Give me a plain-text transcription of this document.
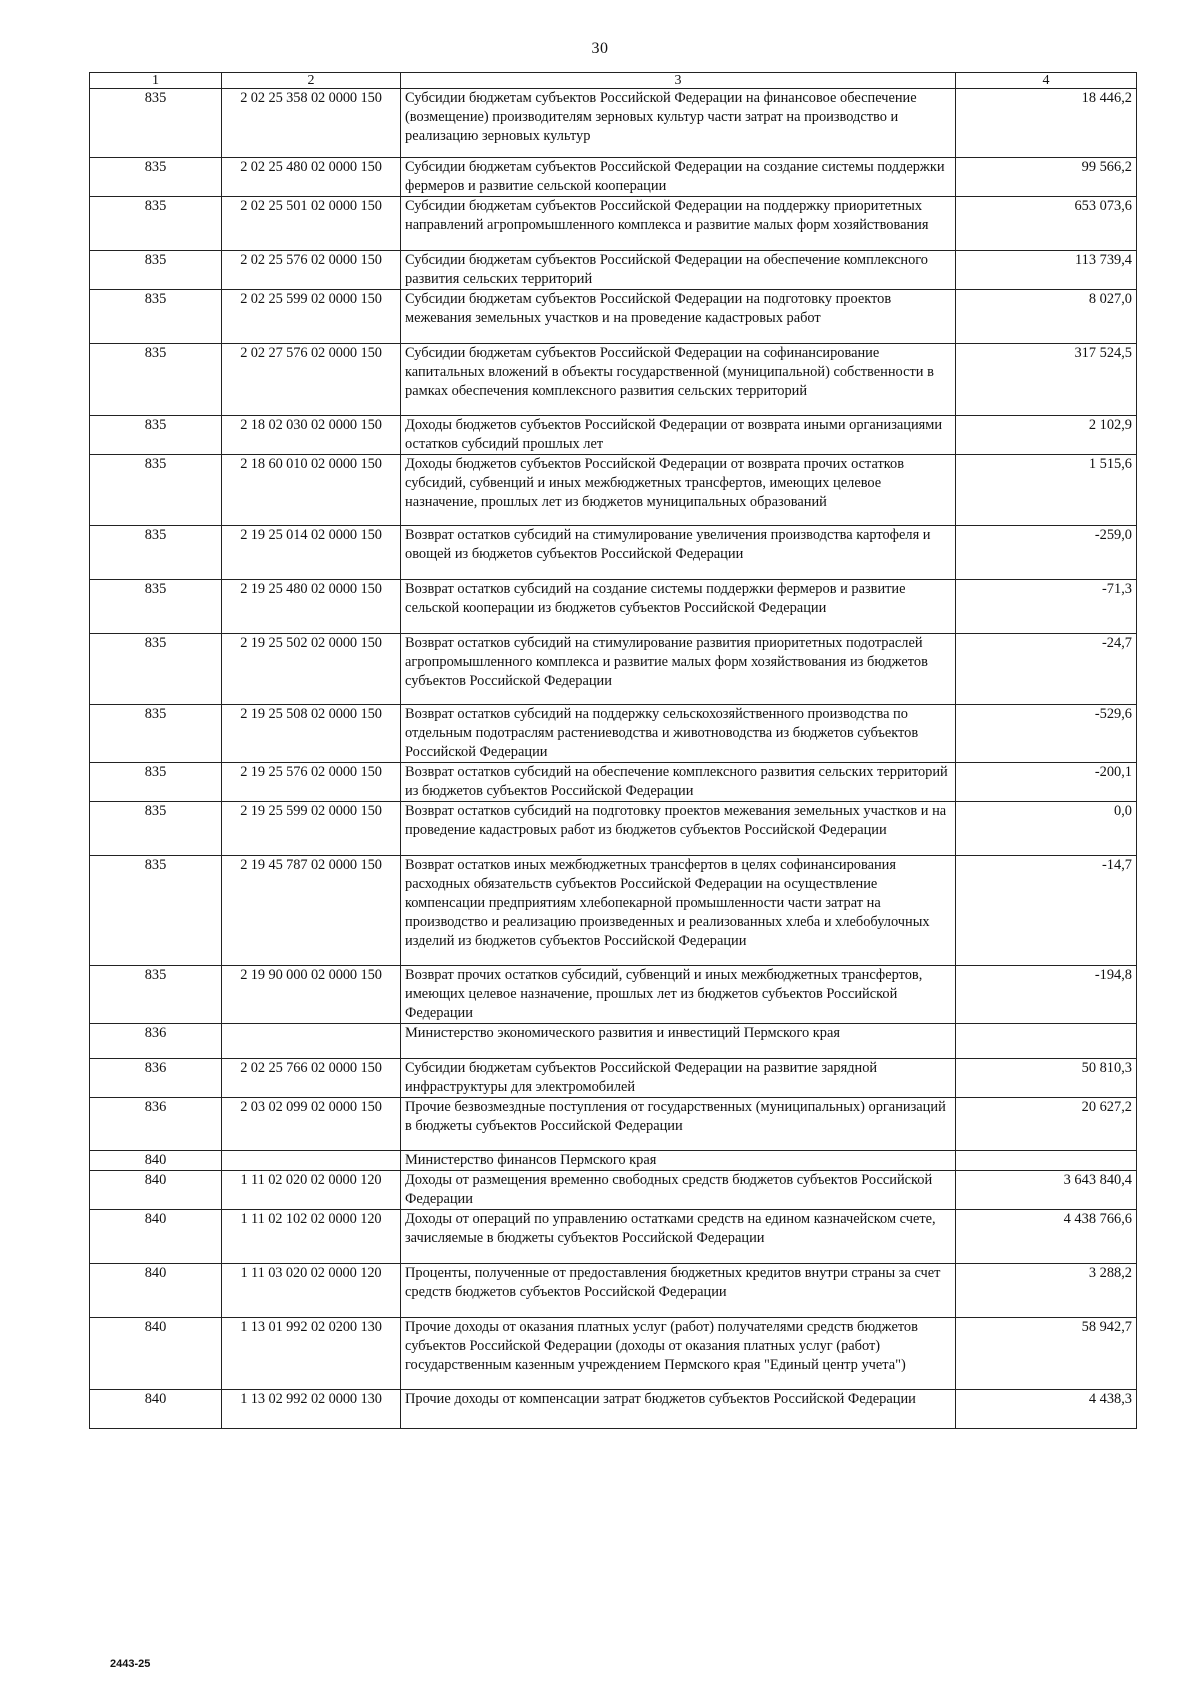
30
1	2	3	4
835	2 02 25 358 02 0000 150	Субсидии бюджетам субъектов Российской Федерации на финансовое обеспечение (возмещение) производителям зерновых культур части затрат на производство и реализацию зерновых культур	18 446,2
835	2 02 25 480 02 0000 150	Субсидии бюджетам субъектов Российской Федерации на создание системы поддержки фермеров и развитие сельской кооперации	99 566,2
835	2 02 25 501 02 0000 150	Субсидии бюджетам субъектов Российской Федерации на поддержку приоритетных направлений агропромышленного комплекса и развитие малых форм хозяйствования	653 073,6
835	2 02 25 576 02 0000 150	Субсидии бюджетам субъектов Российской Федерации на обеспечение комплексного развития сельских территорий	113 739,4
835	2 02 25 599 02 0000 150	Субсидии бюджетам субъектов Российской Федерации на подготовку проектов межевания земельных участков и на проведение кадастровых работ	8 027,0
835	2 02 27 576 02 0000 150	Субсидии бюджетам субъектов Российской Федерации на софинансирование капитальных вложений в объекты государственной (муниципальной) собственности в рамках обеспечения комплексного развития сельских территорий	317 524,5
835	2 18 02 030 02 0000 150	Доходы бюджетов субъектов Российской Федерации от возврата иными организациями остатков субсидий прошлых лет	2 102,9
835	2 18 60 010 02 0000 150	Доходы бюджетов субъектов Российской Федерации от возврата прочих остатков субсидий, субвенций и иных межбюджетных трансфертов, имеющих целевое назначение, прошлых лет из бюджетов муниципальных образований	1 515,6
835	2 19 25 014 02 0000 150	Возврат остатков субсидий на стимулирование увеличения производства картофеля и овощей из бюджетов субъектов Российской Федерации	-259,0
835	2 19 25 480 02 0000 150	Возврат остатков субсидий на создание системы поддержки фермеров и развитие сельской кооперации из бюджетов субъектов Российской Федерации	-71,3
835	2 19 25 502 02 0000 150	Возврат остатков субсидий на стимулирование развития приоритетных подотраслей агропромышленного комплекса и развитие малых форм хозяйствования из бюджетов субъектов Российской Федерации	-24,7
835	2 19 25 508 02 0000 150	Возврат остатков субсидий на поддержку сельскохозяйственного производства по отдельным подотраслям растениеводства и животноводства из бюджетов субъектов Российской Федерации	-529,6
835	2 19 25 576 02 0000 150	Возврат остатков субсидий на обеспечение комплексного развития сельских территорий из бюджетов субъектов Российской Федерации	-200,1
835	2 19 25 599 02 0000 150	Возврат остатков субсидий на подготовку проектов межевания земельных участков и на проведение кадастровых работ из бюджетов субъектов Российской Федерации	0,0
835	2 19 45 787 02 0000 150	Возврат остатков иных межбюджетных трансфертов в целях софинансирования расходных обязательств субъектов Российской Федерации на осуществление компенсации предприятиям хлебопекарной промышленности части затрат на производство и реализацию произведенных и реализованных хлеба и хлебобулочных изделий из бюджетов субъектов Российской Федерации	-14,7
835	2 19 90 000 02 0000 150	Возврат прочих остатков субсидий, субвенций и иных межбюджетных трансфертов, имеющих целевое назначение, прошлых лет из бюджетов субъектов Российской Федерации	-194,8
836		Министерство экономического развития и инвестиций Пермского края	
836	2 02 25 766 02 0000 150	Субсидии бюджетам субъектов Российской Федерации на развитие зарядной инфраструктуры для электромобилей	50 810,3
836	2 03 02 099 02 0000 150	Прочие безвозмездные поступления от государственных (муниципальных) организаций в бюджеты субъектов Российской Федерации	20 627,2
840		Министерство финансов Пермского края	
840	1 11 02 020 02 0000 120	Доходы от размещения временно свободных средств бюджетов субъектов Российской Федерации	3 643 840,4
840	1 11 02 102 02 0000 120	Доходы от операций по управлению остатками средств на едином казначейском счете, зачисляемые в бюджеты субъектов Российской Федерации	4 438 766,6
840	1 11 03 020 02 0000 120	Проценты, полученные от предоставления бюджетных кредитов внутри страны за счет средств бюджетов субъектов Российской Федерации	3 288,2
840	1 13 01 992 02 0200 130	Прочие доходы от оказания платных услуг (работ) получателями средств бюджетов субъектов Российской Федерации (доходы от оказания платных услуг (работ) государственным казенным учреждением Пермского края "Единый центр учета")	58 942,7
840	1 13 02 992 02 0000 130	Прочие доходы от компенсации затрат бюджетов субъектов Российской Федерации	4 438,3
2443-25
